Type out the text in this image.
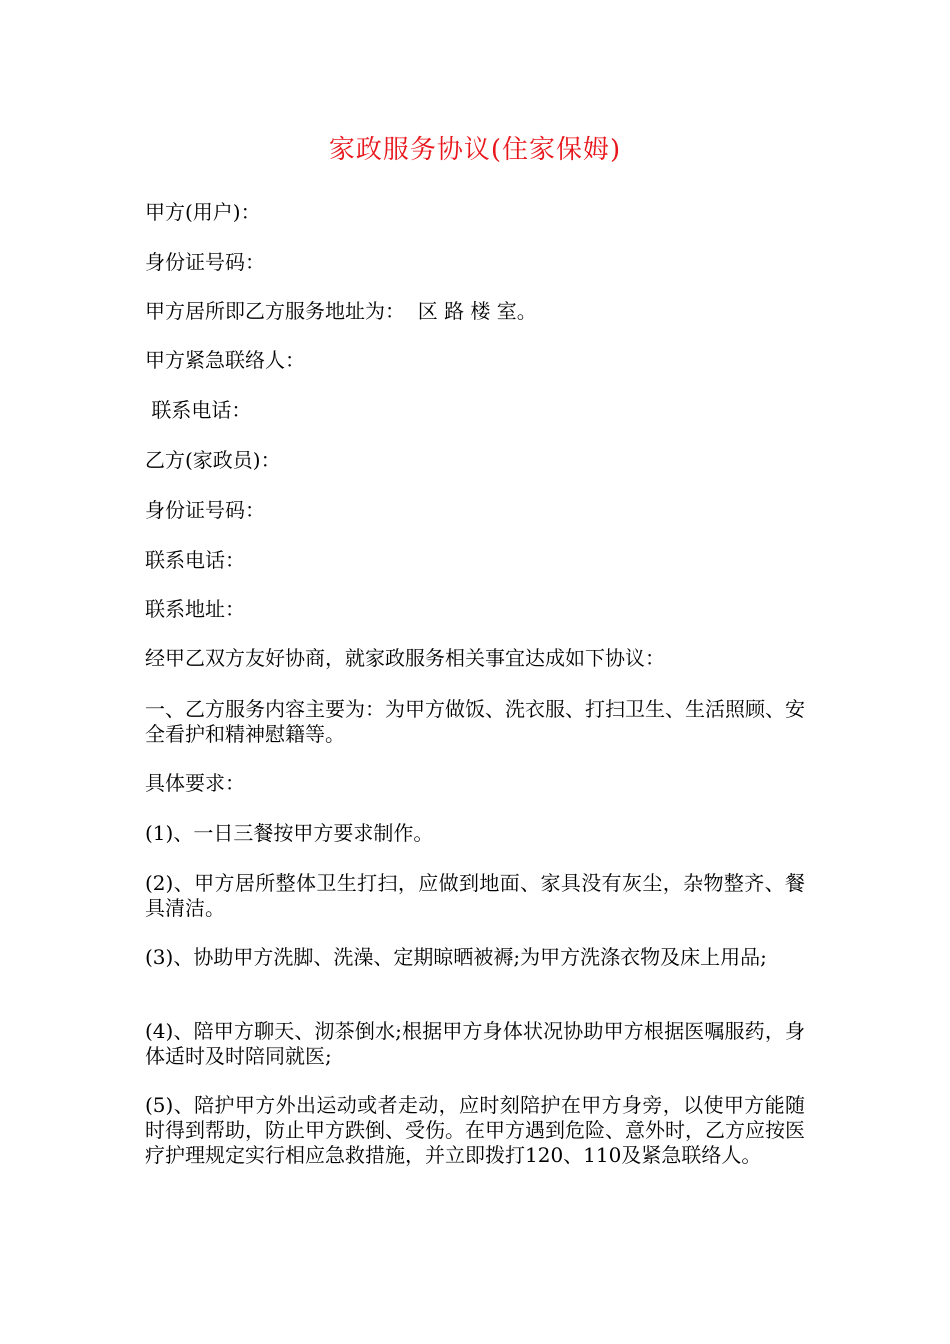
家政服务协议(住家保姆)

甲方(用户)：

身份证号码：

甲方居所即乙方服务地址为：  区 路 楼 室。

甲方紧急联络人：

联系电话：

乙方(家政员)：

身份证号码：

联系电话：

联系地址：

经甲乙双方友好协商，就家政服务相关事宜达成如下协议：

一、乙方服务内容主要为：为甲方做饭、洗衣服、打扫卫生、生活照顾、安全看护和精神慰籍等。

具体要求：

(1)、一日三餐按甲方要求制作。

(2)、甲方居所整体卫生打扫，应做到地面、家具没有灰尘，杂物整齐、餐具清洁。

(3)、协助甲方洗脚、洗澡、定期晾晒被褥;为甲方洗涤衣物及床上用品;

(4)、陪甲方聊天、沏茶倒水;根据甲方身体状况协助甲方根据医嘱服药，身体适时及时陪同就医;

(5)、陪护甲方外出运动或者走动，应时刻陪护在甲方身旁，以使甲方能随时得到帮助，防止甲方跌倒、受伤。在甲方遇到危险、意外时，乙方应按医疗护理规定实行相应急救措施，并立即拨打120、110及紧急联络人。
